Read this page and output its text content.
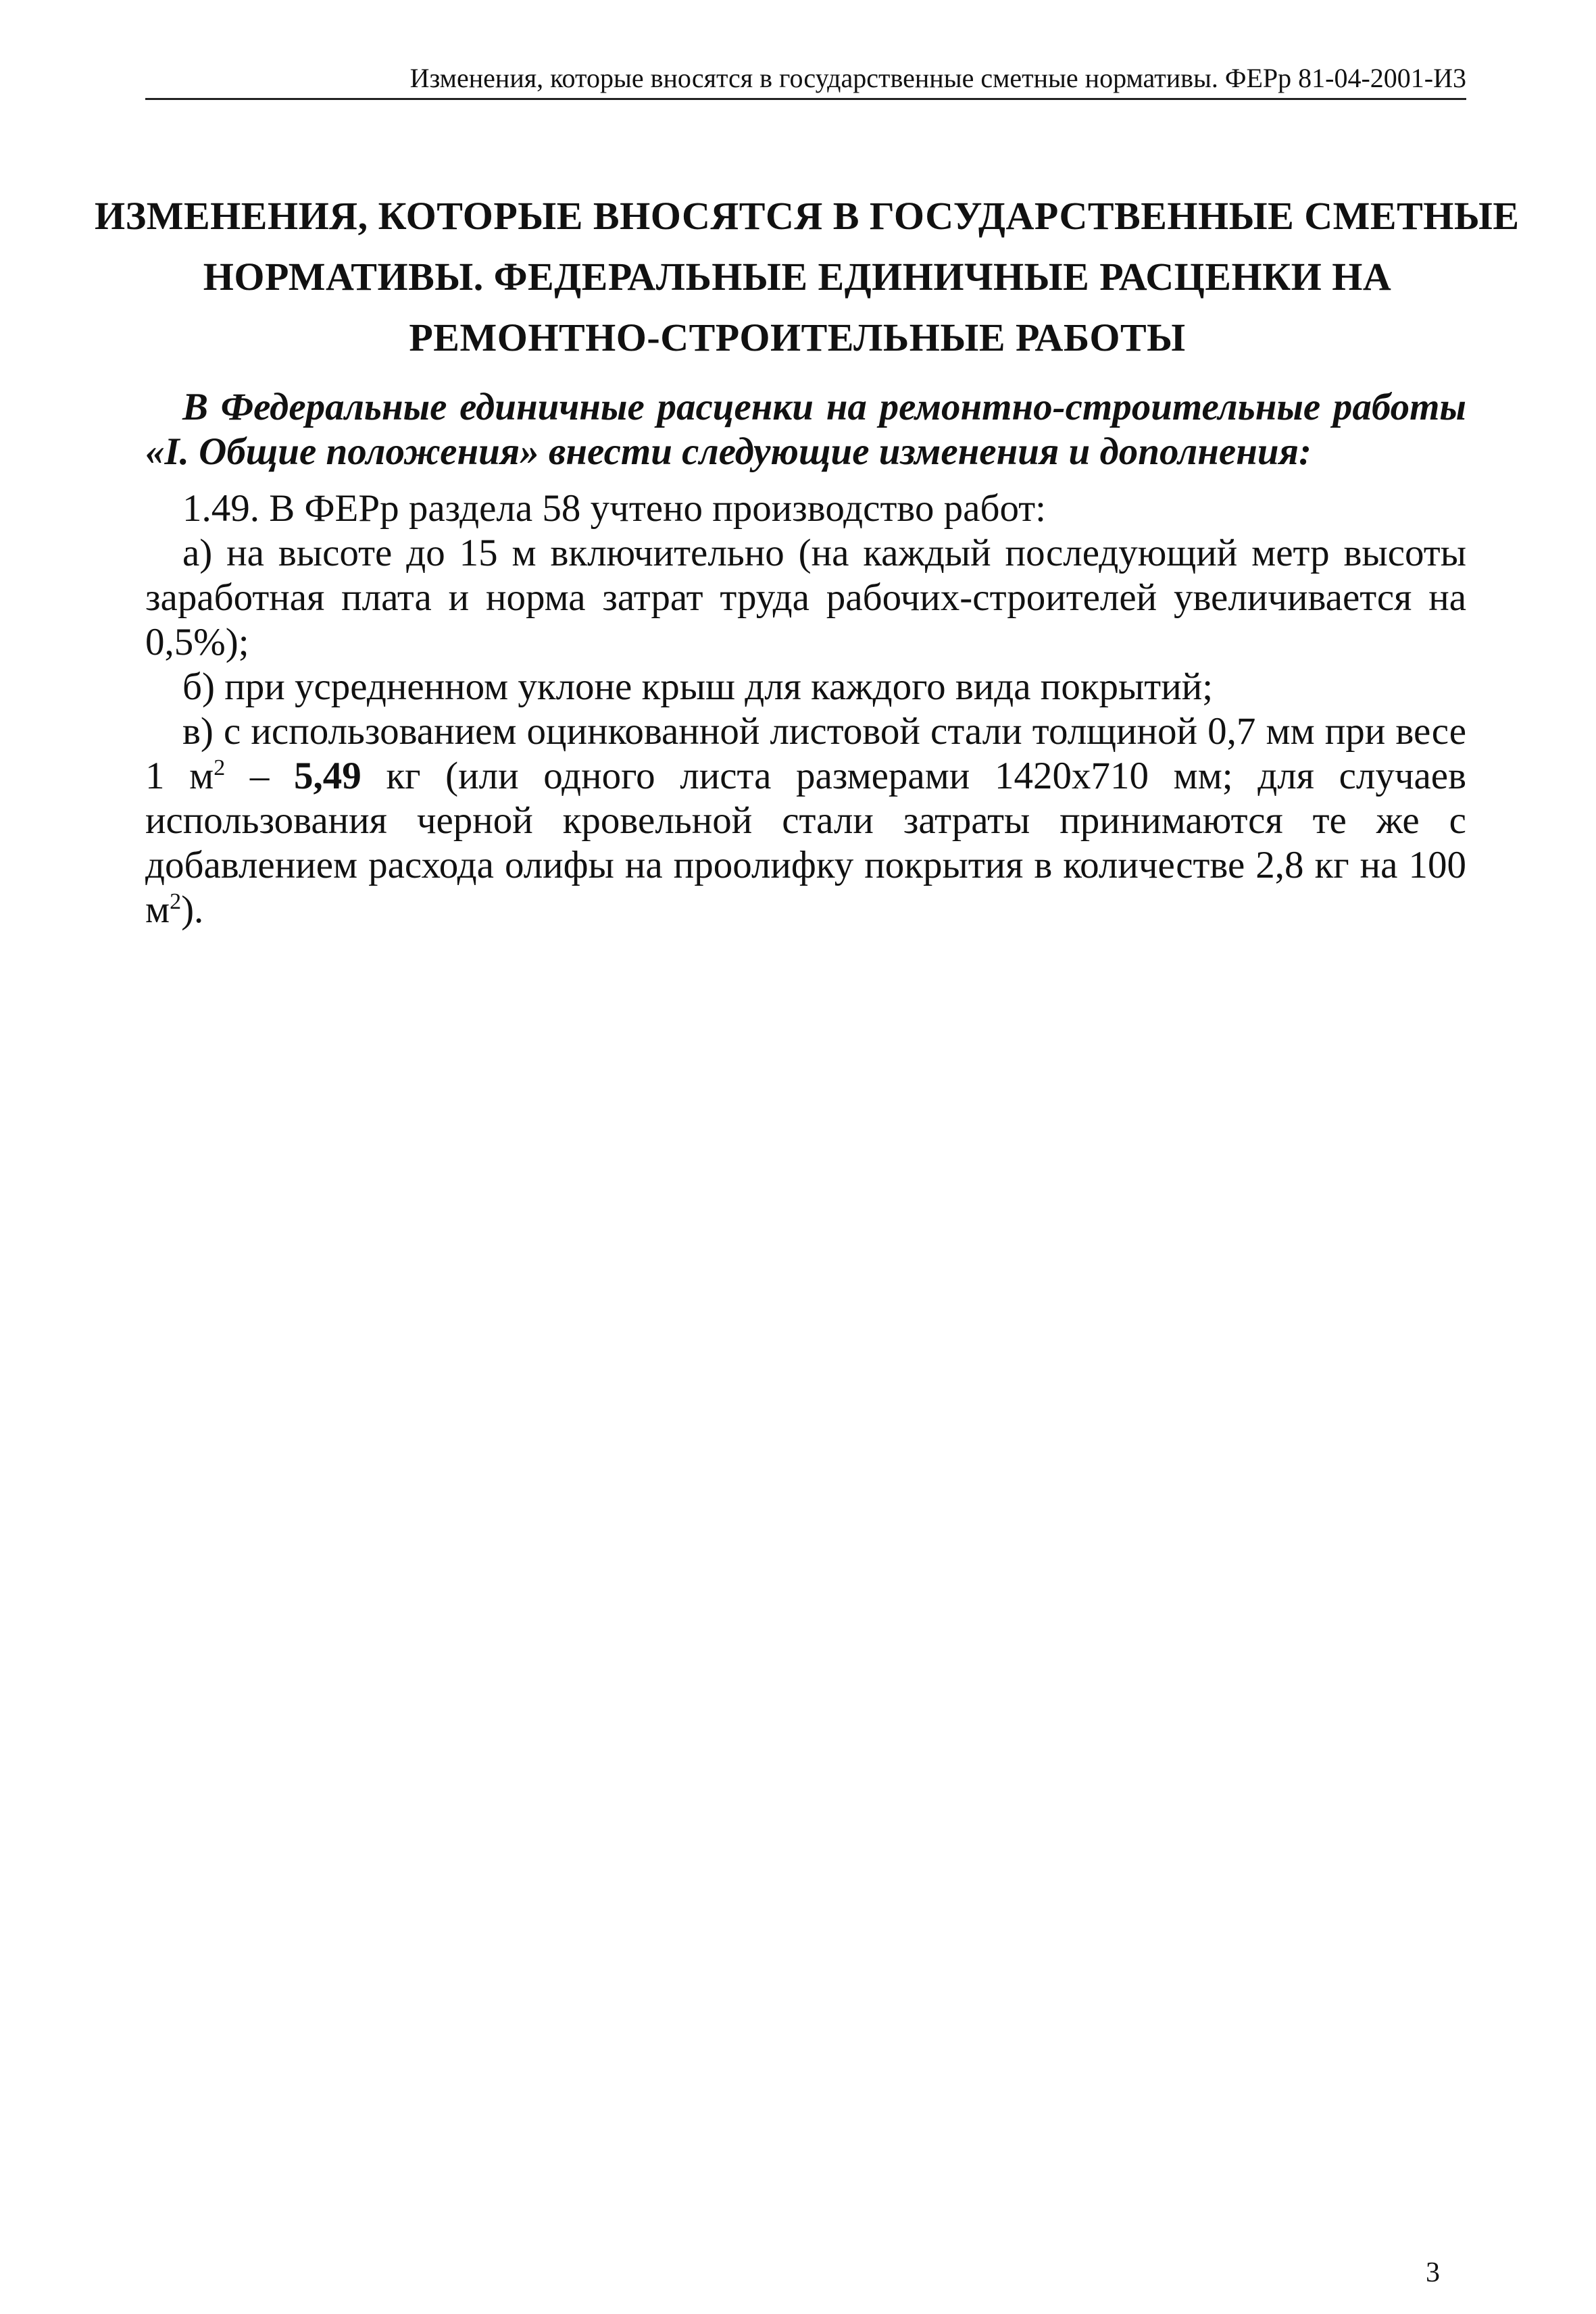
Изменения, которые вносятся в государственные сметные нормативы. ФЕРр 81-04-2001-И3
ИЗМЕНЕНИЯ, КОТОРЫЕ ВНОСЯТСЯ В ГОСУДАРСТВЕННЫЕ СМЕТНЫЕ
НОРМАТИВЫ. ФЕДЕРАЛЬНЫЕ ЕДИНИЧНЫЕ РАСЦЕНКИ НА
РЕМОНТНО-СТРОИТЕЛЬНЫЕ РАБОТЫ
В Федеральные единичные расценки на ремонтно-строительные работы
«I. Общие положения» внести следующие изменения и дополнения:

1.49. В ФЕРр раздела 58 учтено производство работ:

а) на высоте до 15 м включительно (на каждый последующий метр высоты
заработная плата и норма затрат труда рабочих-строителей увеличивается на
0,5%);

б) при усредненном уклоне крыш для каждого вида покрытий;

в) с использованием оцинкованной листовой стали толщиной 0,7 мм при весе
1 $м^2 - 5,49$ кг (или одного листа размерами 1420х710 мм; для случаев
использования черной кровельной стали затраты принимаются те же с
добавлением расхода олифы на проолифку покрытия в количестве 2,8 кг на 100
$м^2$).

3
